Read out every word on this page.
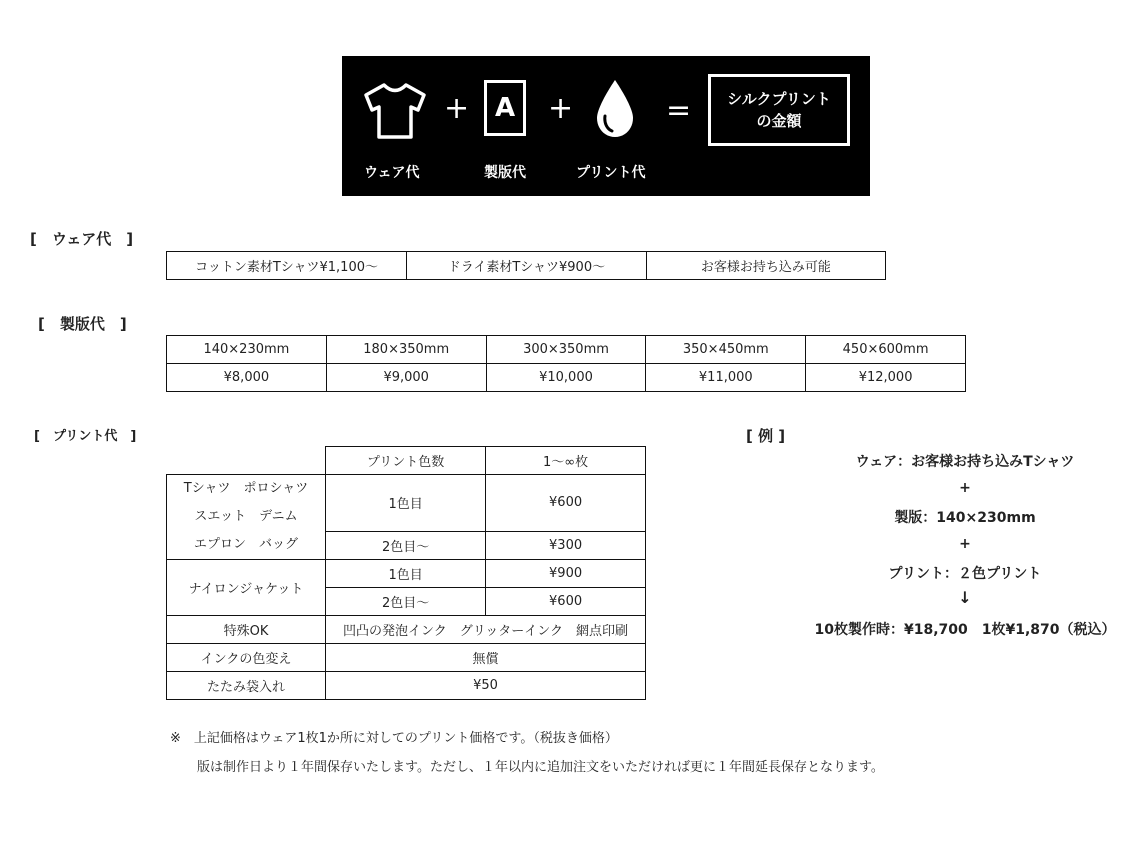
ウェア代
+ A
製版代
+
プリント代
= シルクプリント
の金額
[　ウェア代　]
コットン素材Tシャツ¥1,100〜	ドライ素材Tシャツ¥900〜	お客様お持ち込み可能
[　製版代　]
140×230mm	180×350mm	300×350mm	350×450mm	450×600mm
¥8,000	¥9,000	¥10,000	¥11,000	¥12,000
[　プリント代　]
	プリント色数	1〜∞枚

Tシャツ　ポロシャツ
スエット　デニム
エプロン　バッグ	1色目	¥600
	2色目〜	¥300
ナイロンジャケット	1色目	¥900
	2色目〜	¥600
特殊OK	凹凸の発泡インク　グリッターインク　網点印刷	
インクの色変え	無償	
たたみ袋入れ	¥50	
[ 例 ]
ウェア：お客様お持ち込みTシャツ
+
製版：140×230mm
+
プリント：２色プリント
↓
10枚製作時：¥18,700　1枚¥1,870（税込）
※　上記価格はウェア1枚1か所に対してのプリント価格です。（税抜き価格）
版は制作日より１年間保存いたします。ただし、１年以内に追加注文をいただければ更に１年間延長保存となります。
